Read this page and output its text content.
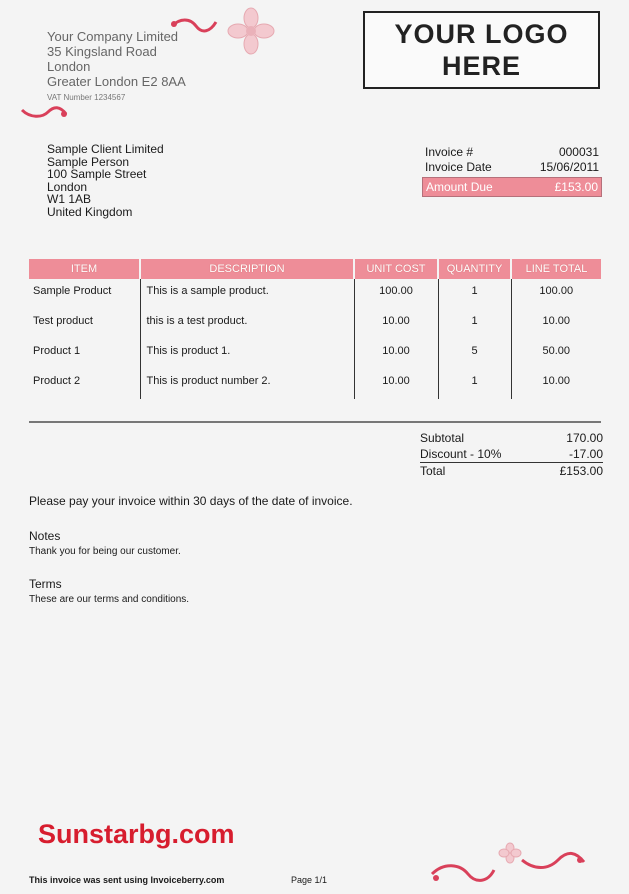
Your Company Limited
35 Kingsland Road
London
Greater London E2 8AA
VAT Number 1234567
YOUR LOGO
HERE
Sample Client Limited
Sample Person
100 Sample Street
London
W1 1AB
United Kingdom
Invoice #	000031
Invoice Date	15/06/2011
Amount Due	£153.00
ITEM	DESCRIPTION	UNIT COST	QUANTITY	LINE TOTAL
Sample Product	This is a sample product.	100.00	1	100.00
Test product	this is a test product.	10.00	1	10.00
Product 1	This is product 1.	10.00	5	50.00
Product 2	This is product number 2.	10.00	1	10.00
Subtotal	170.00
Discount - 10%	-17.00
Total	£153.00
Please pay your invoice within 30 days of the date of invoice.
Notes
Thank you for being our customer.
Terms
These are our terms and conditions.
Sunstarbg.com
This invoice was sent using Invoiceberry.com	Page 1/1
